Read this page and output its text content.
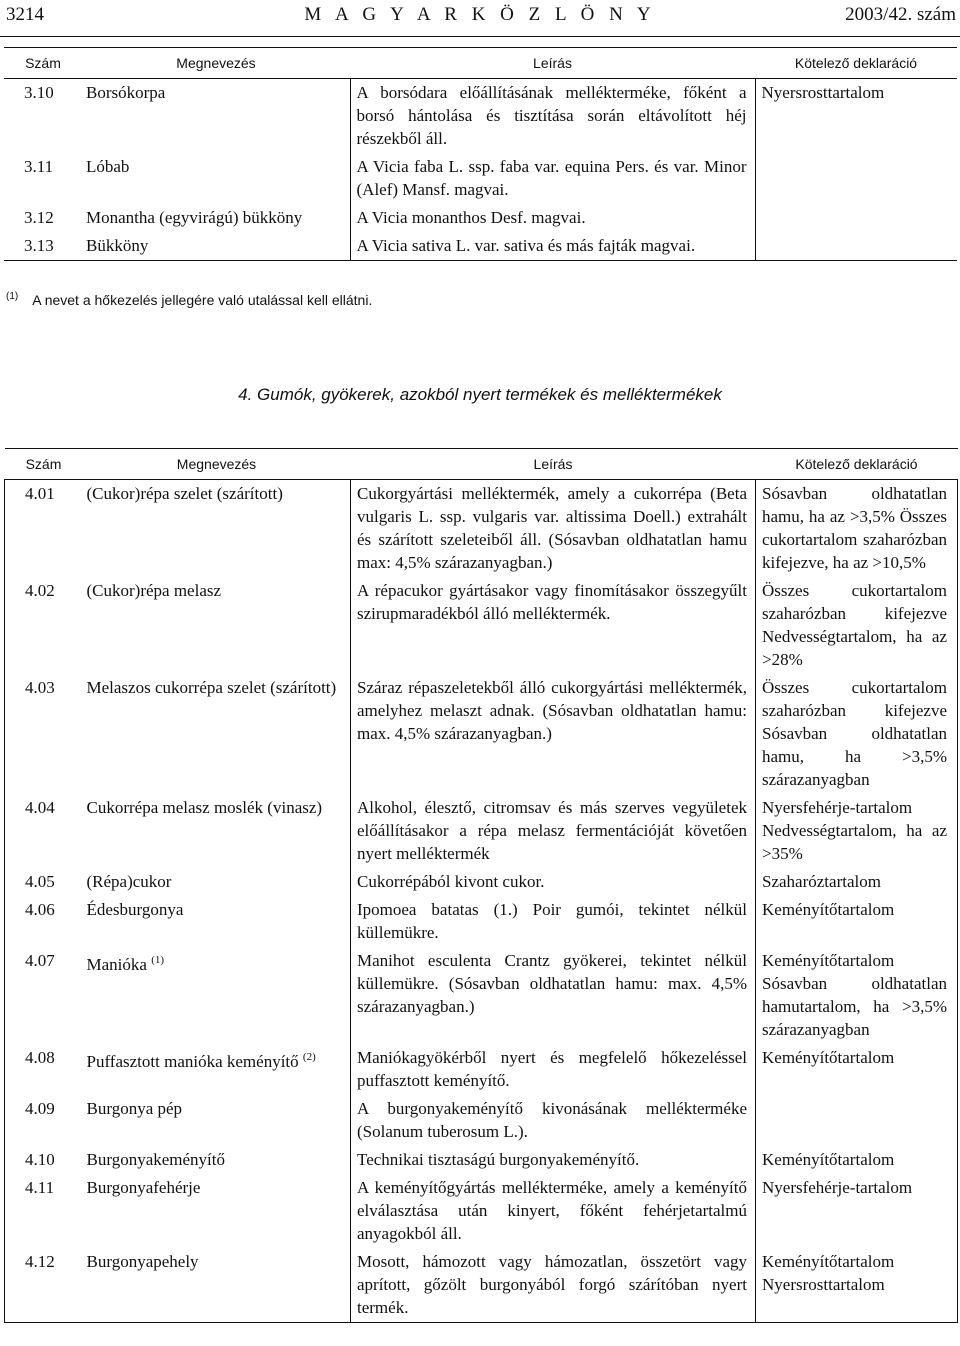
3214	M A G Y A R K Ö Z L Ö N Y	2003/42. szám
Szám	Megnevezés	Leírás	Kötelező deklaráció
3.10	Borsókorpa	A borsódara előállításának mellékterméke, főként a borsó hántolása és tisztítása során eltávolított héj részekből áll.	Nyersrosttartalom
3.11	Lóbab	A Vicia faba L. ssp. faba var. equina Pers. és var. Minor (Alef) Mansf. magvai.	
3.12	Monantha (egyvirágú) bükköny	A Vicia monanthos Desf. magvai.	
3.13	Bükköny	A Vicia sativa L. var. sativa és más fajták magvai.	
$^{(1)}$ A nevet a hőkezelés jellegére való utalással kell ellátni.
4. Gumók, gyökerek, azokból nyert termékek és melléktermékek
Szám	Megnevezés	Leírás	Kötelező deklaráció
4.01	(Cukor)répa szelet (szárított)	Cukorgyártási melléktermék, amely a cukorrépa (Beta vulgaris L. ssp. vulgaris var. altissima Doell.) extrahált és szárított szeleteiből áll. (Sósavban oldhatatlan hamu max: 4,5% szárazanyagban.)	Sósavban oldhatatlan hamu, ha az >3,5% Összes cukortartalom szaharózban kifejezve, ha az >10,5%
4.02	(Cukor)répa melasz	A répacukor gyártásakor vagy finomításakor összegyűlt szirupmaradékból álló melléktermék.	Összes cukortartalom szaharózban kifejezve Nedvességtartalom, ha az >28%
4.03	Melaszos cukorrépa szelet (szárított)	Száraz répaszeletekből álló cukorgyártási melléktermék, amelyhez melaszt adnak. (Sósavban oldhatatlan hamu: max. 4,5% szárazanyagban.)	Összes cukortartalom szaharózban kifejezve Sósavban oldhatatlan hamu, ha >3,5% szárazanyagban
4.04	Cukorrépa melasz moslék (vinasz)	Alkohol, élesztő, citromsav és más szerves vegyületek előállításakor a répa melasz fermentációját követően nyert melléktermék	Nyersfehérje-tartalom Nedvességtartalom, ha az >35%
4.05	(Répa)cukor	Cukorrépából kivont cukor.	Szaharóztartalom
4.06	Édesburgonya	Ipomoea batatas (1.) Poir gumói, tekintet nélkül küllemükre.	Keményítőtartalom
4.07	Manióka $^{(1)}$	Manihot esculenta Crantz gyökerei, tekintet nélkül küllemükre. (Sósavban oldhatatlan hamu: max. 4,5% szárazanyagban.)	Keményítőtartalom Sósavban oldhatatlan hamutartalom, ha >3,5% szárazanyagban
4.08	Puffasztott manióka keményítő $^{(2)}$	Maniókagyökérből nyert és megfelelő hőkezeléssel puffasztott keményítő.	Keményítőtartalom
4.09	Burgonya pép	A burgonyakeményítő kivonásának mellékterméke (Solanum tuberosum L.).	
4.10	Burgonyakeményítő	Technikai tisztaságú burgonyakeményítő.	Keményítőtartalom
4.11	Burgonyafehérje	A keményítőgyártás mellékterméke, amely a keményítő elválasztása után kinyert, főként fehérjetartalmú anyagokból áll.	Nyersfehérje-tartalom
4.12	Burgonyapehely	Mosott, hámozott vagy hámozatlan, összetört vagy aprított, gőzölt burgonyából forgó szárítóban nyert termék.	Keményítőtartalom Nyersrosttartalom
